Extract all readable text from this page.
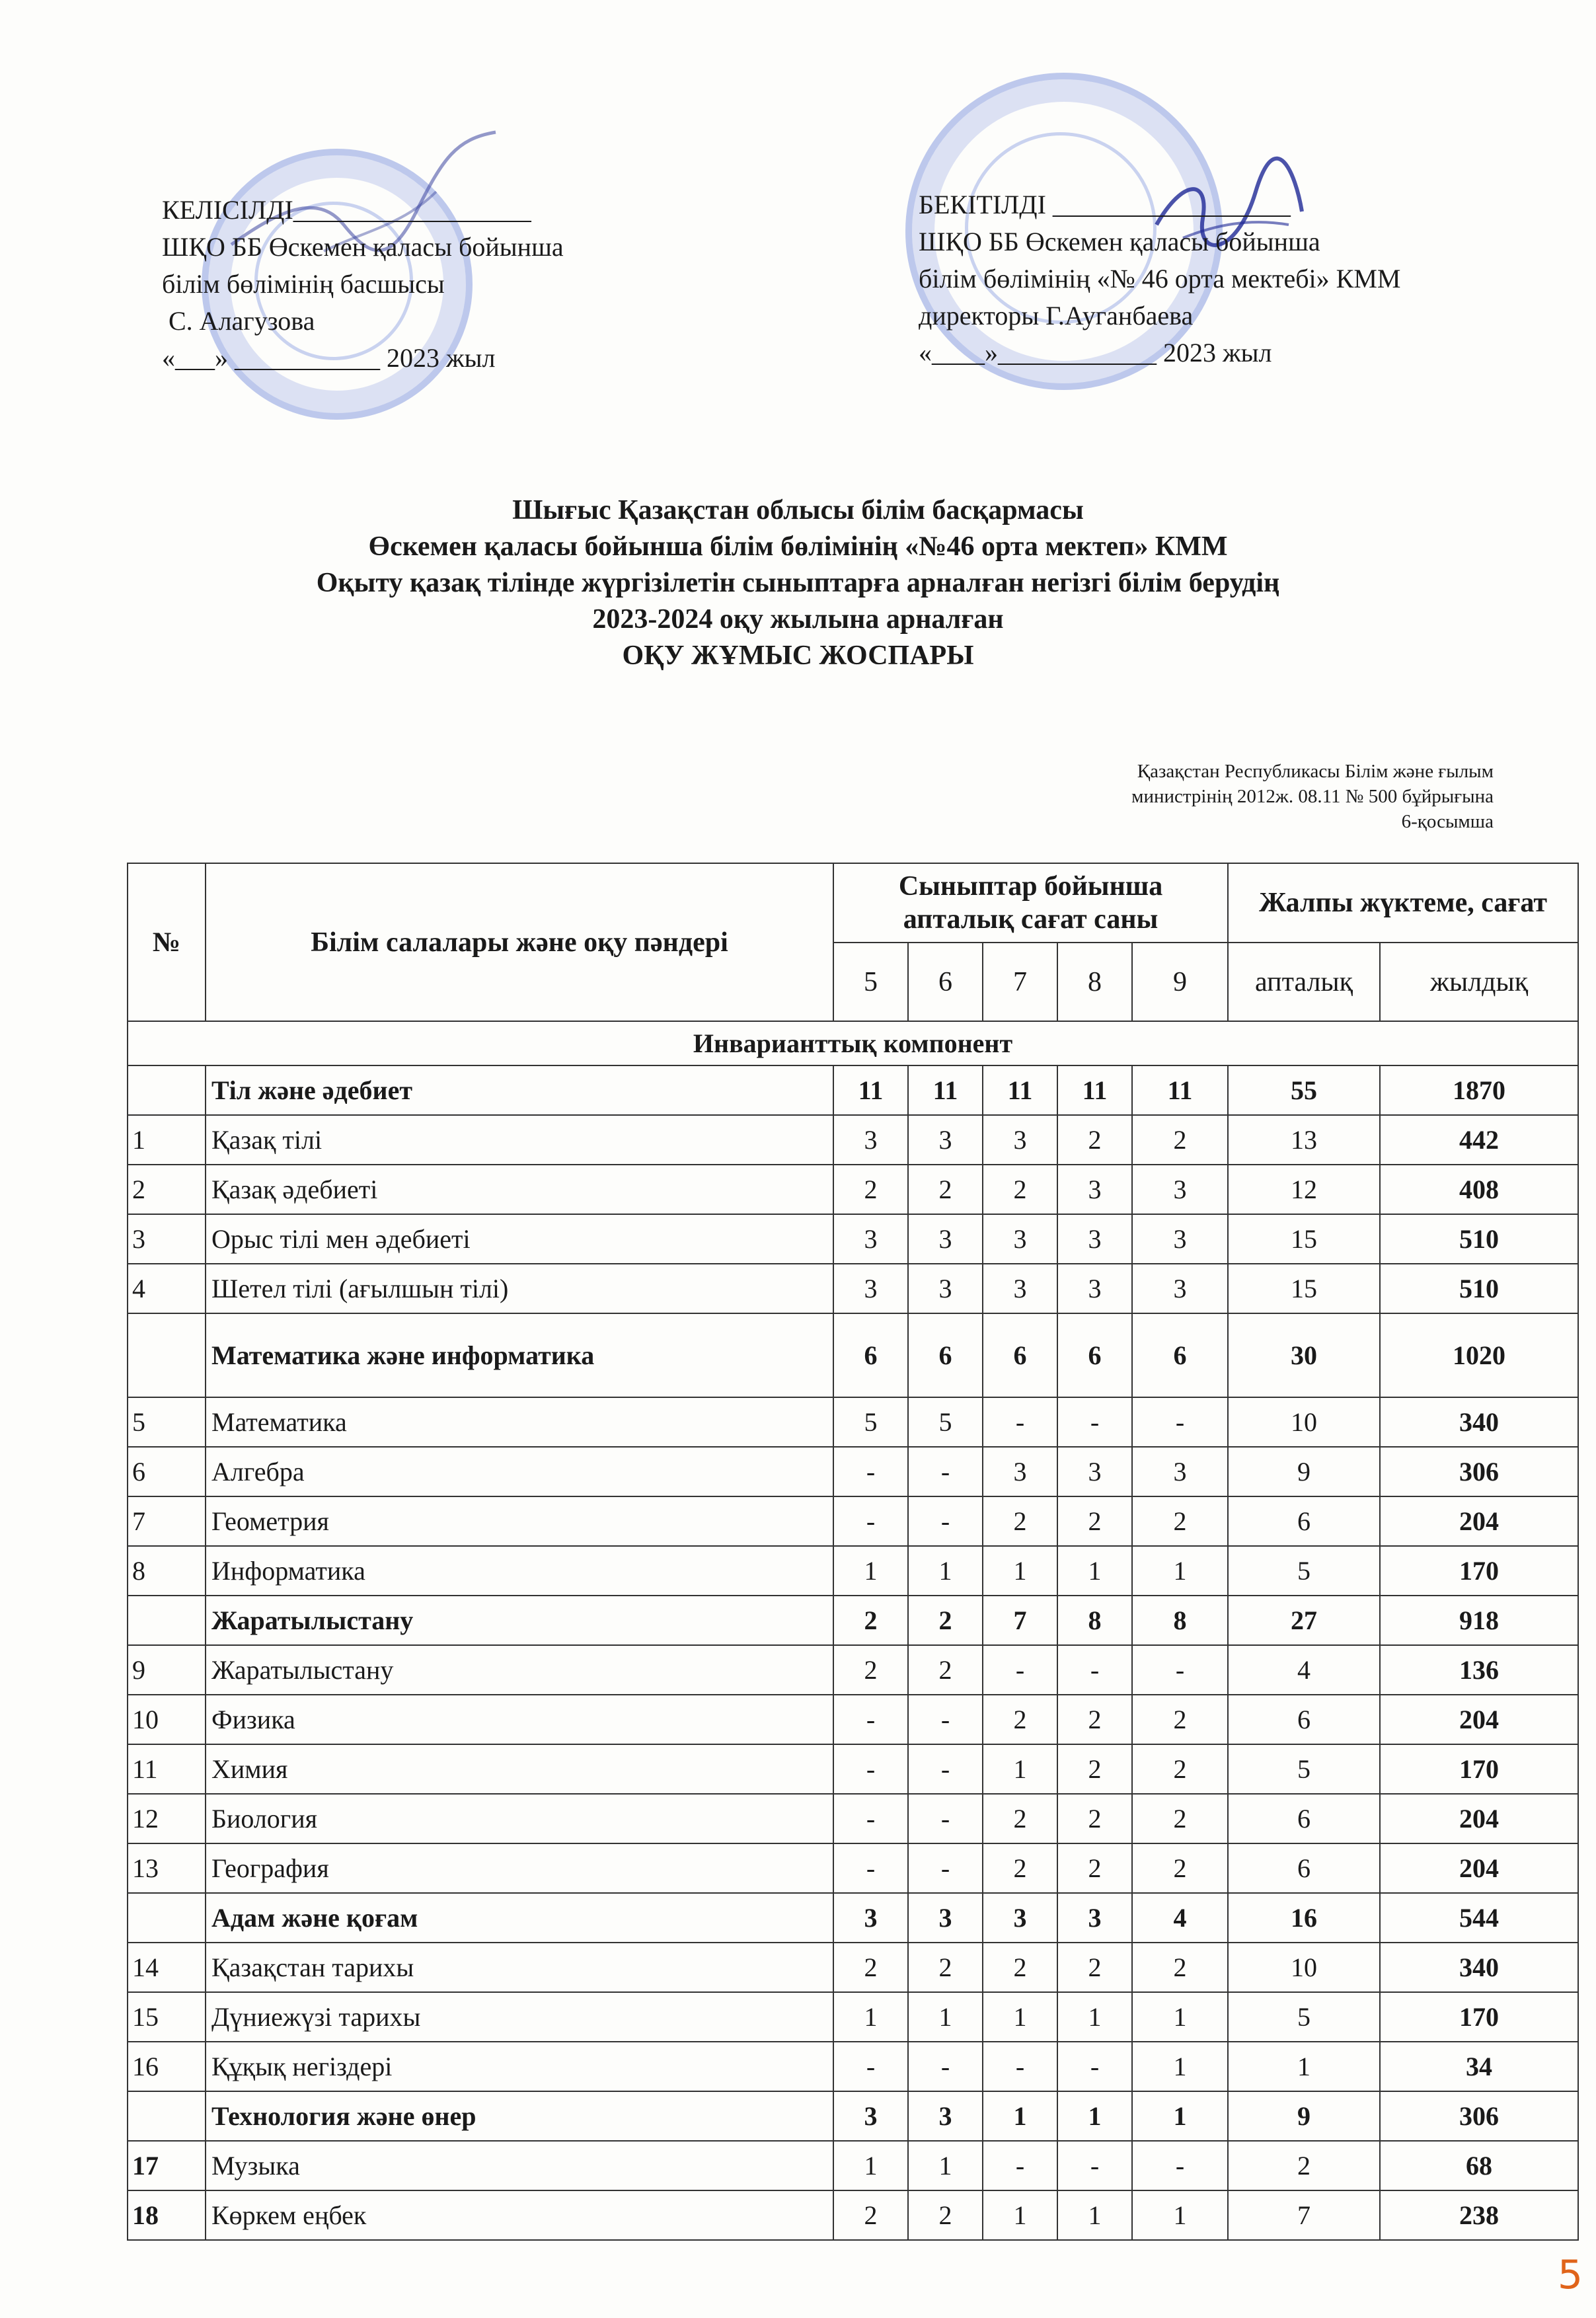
КЕЛІСІЛДІ__________________
ШҚО ББ Өскемен қаласы бойынша
білім бөлімінің басшысы
С. Алагузова
«___» ___________ 2023 жыл
БЕКІТІЛДІ __________________
ШҚО ББ Өскемен қаласы бойынша
білім бөлімінің «№ 46 орта мектебі» КММ
директоры Г.Ауганбаева
«____»____________ 2023 жыл
Шығыс Қазақстан облысы білім басқармасы
Өскемен қаласы бойынша білім бөлімінің «№46 орта мектеп» КММ
Оқыту қазақ тілінде жүргізілетін сыныптарға арналған негізгі білім берудің
2023-2024 оқу жылына арналған
ОҚУ ЖҰМЫС ЖОСПАРЫ
Қазақстан Республикасы Білім және ғылым
министрінің 2012ж. 08.11 № 500 бұйрығына
6-қосымша
№	Білім салалары және оқу пәндері	Сыныптар бойынша апталық сағат саны					Жалпы жүктеме, сағат	
		5	6	7	8	9	апталық	жылдық
Инварианттық компонент								
	Тіл және әдебиет	11	11	11	11	11	55	1870
1	Қазақ тілі	3	3	3	2	2	13	442
2	Қазақ әдебиеті	2	2	2	3	3	12	408
3	Орыс тілі мен әдебиеті	3	3	3	3	3	15	510
4	Шетел тілі (ағылшын тілі)	3	3	3	3	3	15	510
	Математика және информатика	6	6	6	6	6	30	1020
5	Математика	5	5	-	-	-	10	340
6	Алгебра	-	-	3	3	3	9	306
7	Геометрия	-	-	2	2	2	6	204
8	Информатика	1	1	1	1	1	5	170
	Жаратылыстану	2	2	7	8	8	27	918
9	Жаратылыстану	2	2	-	-	-	4	136
10	Физика	-	-	2	2	2	6	204
11	Химия	-	-	1	2	2	5	170
12	Биология	-	-	2	2	2	6	204
13	География	-	-	2	2	2	6	204
	Адам және қоғам	3	3	3	3	4	16	544
14	Қазақстан тарихы	2	2	2	2	2	10	340
15	Дүниежүзі тарихы	1	1	1	1	1	5	170
16	Құқық негіздері	-	-	-	-	1	1	34
	Технология және өнер	3	3	1	1	1	9	306
17	Музыка	1	1	-	-	-	2	68
18	Көркем еңбек	2	2	1	1	1	7	238
5
